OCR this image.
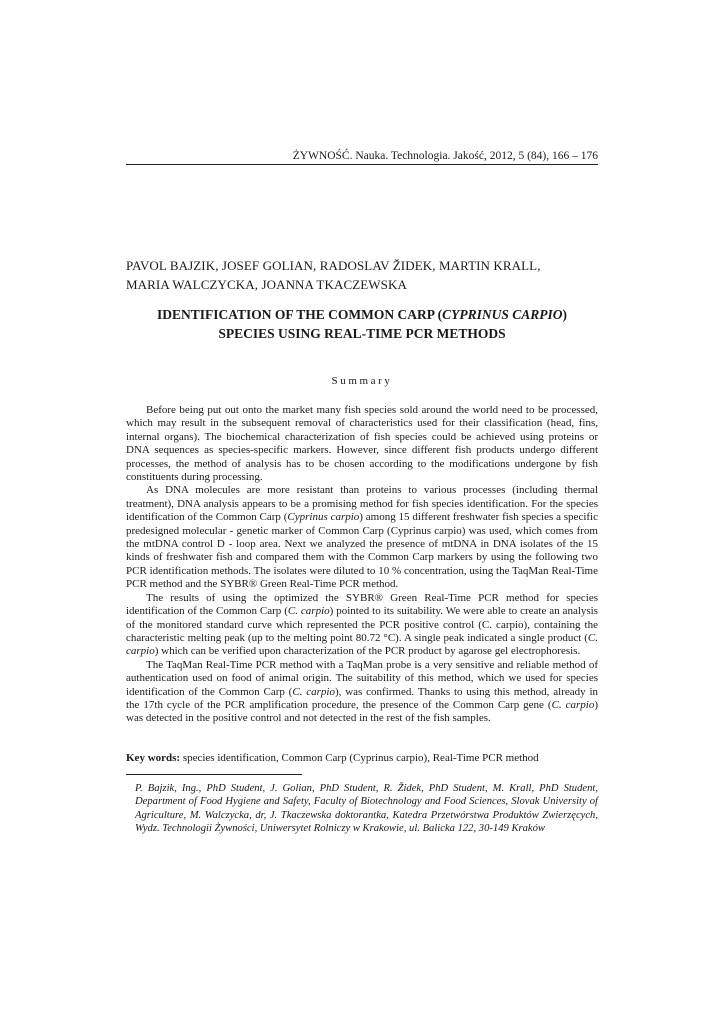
ŻYWNOŚĆ. Nauka. Technologia. Jakość, 2012, 5 (84), 166 – 176
PAVOL BAJZIK, JOSEF GOLIAN, RADOSLAV ŽIDEK, MARTIN KRALL,
MARIA WALCZYCKA, JOANNA TKACZEWSKA
IDENTIFICATION OF THE COMMON CARP (CYPRINUS CARPIO)
SPECIES USING REAL-TIME PCR METHODS
Summary

Before being put out onto the market many fish species sold around the world need to be processed, which may result in the subsequent removal of characteristics used for their classification (head, fins, internal organs). The biochemical characterization of fish species could be achieved using proteins or DNA sequences as species-specific markers. However, since different fish products undergo different processes, the method of analysis has to be chosen according to the modifications undergone by fish constituents during processing.

As DNA molecules are more resistant than proteins to various processes (including thermal treatment), DNA analysis appears to be a promising method for fish species identification. For the species identification of the Common Carp (Cyprinus carpio) among 15 different freshwater fish species a specific predesigned molecular - genetic marker of Common Carp (Cyprinus carpio) was used, which comes from the mtDNA control D - loop area. Next we analyzed the presence of mtDNA in DNA isolates of the 15 kinds of freshwater fish and compared them with the Common Carp markers by using the following two PCR identification methods. The isolates were diluted to 10 % concentration, using the TaqMan Real-Time PCR method and the SYBR® Green Real-Time PCR method.

The results of using the optimized the SYBR® Green Real-Time PCR method for species identification of the Common Carp (C. carpio) pointed to its suitability. We were able to create an analysis of the monitored standard curve which represented the PCR positive control (C. carpio), containing the characteristic melting peak (up to the melting point 80.72 °C). A single peak indicated a single product (C. carpio) which can be verified upon characterization of the PCR product by agarose gel electrophoresis.

The TaqMan Real-Time PCR method with a TaqMan probe is a very sensitive and reliable method of authentication used on food of animal origin. The suitability of this method, which we used for species identification of the Common Carp (C. carpio), was confirmed. Thanks to using this method, already in the 17th cycle of the PCR amplification procedure, the presence of the Common Carp gene (C. carpio) was detected in the positive control and not detected in the rest of the fish samples.

Key words: species identification, Common Carp (Cyprinus carpio), Real-Time PCR method
P. Bajzik, Ing., PhD Student, J. Golian, PhD Student, R. Židek, PhD Student, M. Krall, PhD Student, Department of Food Hygiene and Safety, Faculty of Biotechnology and Food Sciences, Slovak University of Agriculture, M. Walczycka, dr, J. Tkaczewska doktorantka, Katedra Przetwórstwa Produktów Zwierzęcych, Wydz. Technologii Żywności, Uniwersytet Rolniczy w Krakowie, ul. Balicka 122, 30-149 Kraków
